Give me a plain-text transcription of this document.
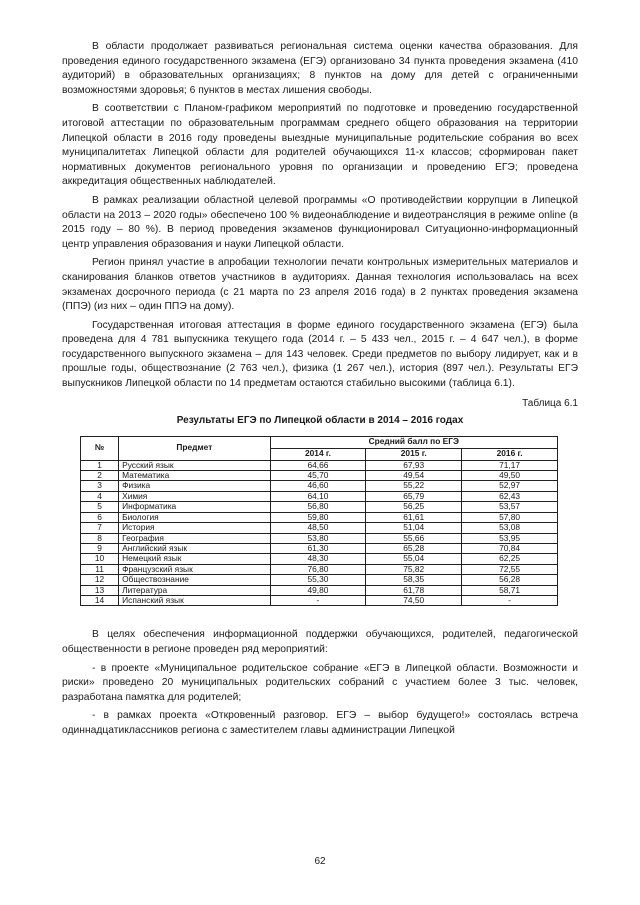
В области продолжает развиваться региональная система оценки качества образования. Для проведения единого государственного экзамена (ЕГЭ) организовано 34 пункта проведения экзамена (410 аудиторий) в образовательных организациях; 8 пунктов на дому для детей с ограниченными возможностями здоровья; 6 пунктов в местах лишения свободы.

В соответствии с Планом-графиком мероприятий по подготовке и проведению государственной итоговой аттестации по образовательным программам среднего общего образования на территории Липецкой области в 2016 году проведены выездные муниципальные родительские собрания во всех муниципалитетах Липецкой области для родителей обучающихся 11-х классов; сформирован пакет нормативных документов регионального уровня по организации и проведению ЕГЭ; проведена аккредитация общественных наблюдателей.

В рамках реализации областной целевой программы «О противодействии коррупции в Липецкой области на 2013 – 2020 годы» обеспечено 100 % видеонаблюдение и видеотрансляция в режиме online (в 2015 году – 80 %). В период проведения экзаменов функционировал Ситуационно-информационный центр управления образования и науки Липецкой области.

Регион принял участие в апробации технологии печати контрольных измерительных материалов и сканирования бланков ответов участников в аудиториях. Данная технология использовалась на всех экзаменах досрочного периода (с 21 марта по 23 апреля 2016 года) в 2 пунктах проведения экзамена (ППЭ) (из них – один ППЭ на дому).

Государственная итоговая аттестация в форме единого государственного экзамена (ЕГЭ) была проведена для 4 781 выпускника текущего года (2014 г. – 5 433 чел., 2015 г. – 4 647 чел.), в форме государственного выпускного экзамена – для 143 человек. Среди предметов по выбору лидирует, как и в прошлые годы, обществознание (2 763 чел.), физика (1 267 чел.), история (897 чел.). Результаты ЕГЭ выпускников Липецкой области по 14 предметам остаются стабильно высокими (таблица 6.1).

Таблица 6.1
Результаты ЕГЭ по Липецкой области в 2014 – 2016 годах
№	Предмет	Средний балл по ЕГЭ		
		2014 г.	2015 г.	2016 г.
1	Русский язык	64,66	67,93	71,17
2	Математика	45,70	49,54	49,50
3	Физика	46,60	55,22	52,97
4	Химия	64,10	65,79	62,43
5	Информатика	56,80	56,25	53,57
6	Биология	59,80	61,61	57,80
7	История	48,50	51,04	53,08
8	География	53,80	55,66	53,95
9	Английский язык	61,30	65,28	70,84
10	Немецкий язык	48,30	55,04	62,25
11	Французский язык	76,80	75,82	72,55
12	Обществознание	55,30	58,35	56,28
13	Литература	49,80	61,78	58,71
14	Испанский язык	-	74,50	-

В целях обеспечения информационной поддержки обучающихся, родителей, педагогической общественности в регионе проведен ряд мероприятий:

- в проекте «Муниципальное родительское собрание «ЕГЭ в Липецкой области. Возможности и риски» проведено 20 муниципальных родительских собраний с участием более 3 тыс. человек, разработана памятка для родителей;

- в рамках проекта «Откровенный разговор. ЕГЭ – выбор будущего!» состоялась встреча одиннадцатиклассников региона с заместителем главы администрации Липецкой

62
